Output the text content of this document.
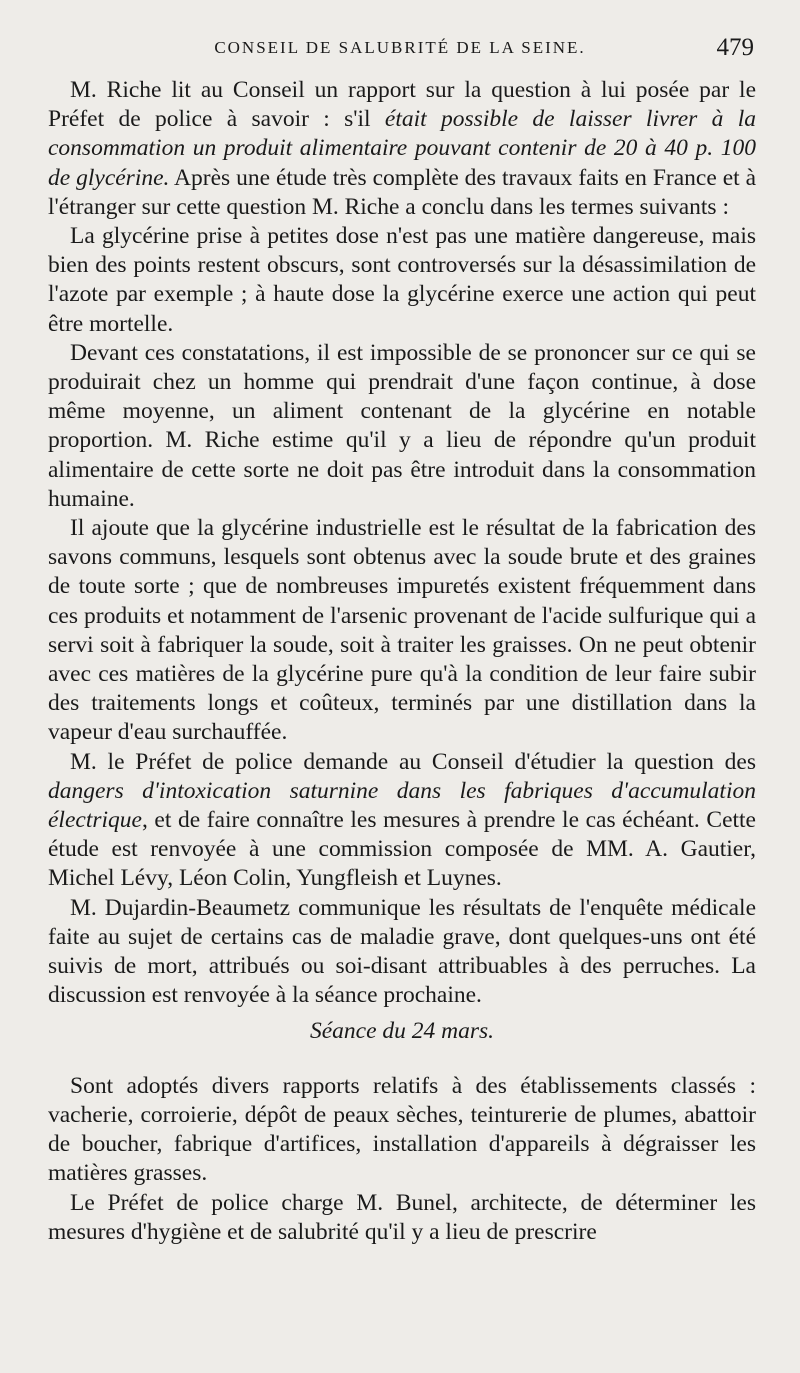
CONSEIL DE SALUBRITÉ DE LA SEINE.	479

M. Riche lit au Conseil un rapport sur la question à lui posée par le Préfet de police à savoir : s'il était possible de laisser livrer à la consommation un produit alimentaire pouvant contenir de 20 à 40 p. 100 de glycérine. Après une étude très complète des travaux faits en France et à l'étranger sur cette question M. Riche a conclu dans les termes suivants :

La glycérine prise à petites dose n'est pas une matière dangereuse, mais bien des points restent obscurs, sont controversés sur la désassimilation de l'azote par exemple ; à haute dose la glycérine exerce une action qui peut être mortelle.

Devant ces constatations, il est impossible de se prononcer sur ce qui se produirait chez un homme qui prendrait d'une façon continue, à dose même moyenne, un aliment contenant de la glycérine en notable proportion. M. Riche estime qu'il y a lieu de répondre qu'un produit alimentaire de cette sorte ne doit pas être introduit dans la consommation humaine.

Il ajoute que la glycérine industrielle est le résultat de la fabrication des savons communs, lesquels sont obtenus avec la soude brute et des graines de toute sorte ; que de nombreuses impuretés existent fréquemment dans ces produits et notamment de l'arsenic provenant de l'acide sulfurique qui a servi soit à fabriquer la soude, soit à traiter les graisses. On ne peut obtenir avec ces matières de la glycérine pure qu'à la condition de leur faire subir des traitements longs et coûteux, terminés par une distillation dans la vapeur d'eau surchauffée.

M. le Préfet de police demande au Conseil d'étudier la question des dangers d'intoxication saturnine dans les fabriques d'accumulation électrique, et de faire connaître les mesures à prendre le cas échéant. Cette étude est renvoyée à une commission composée de MM. A. Gautier, Michel Lévy, Léon Colin, Yungfleish et Luynes.

M. Dujardin-Beaumetz communique les résultats de l'enquête médicale faite au sujet de certains cas de maladie grave, dont quelques-uns ont été suivis de mort, attribués ou soi-disant attribuables à des perruches. La discussion est renvoyée à la séance prochaine.

Séance du 24 mars.

Sont adoptés divers rapports relatifs à des établissements classés : vacherie, corroierie, dépôt de peaux sèches, teinturerie de plumes, abattoir de boucher, fabrique d'artifices, installation d'appareils à dégraisser les matières grasses.

Le Préfet de police charge M. Bunel, architecte, de déterminer les mesures d'hygiène et de salubrité qu'il y a lieu de prescrire
